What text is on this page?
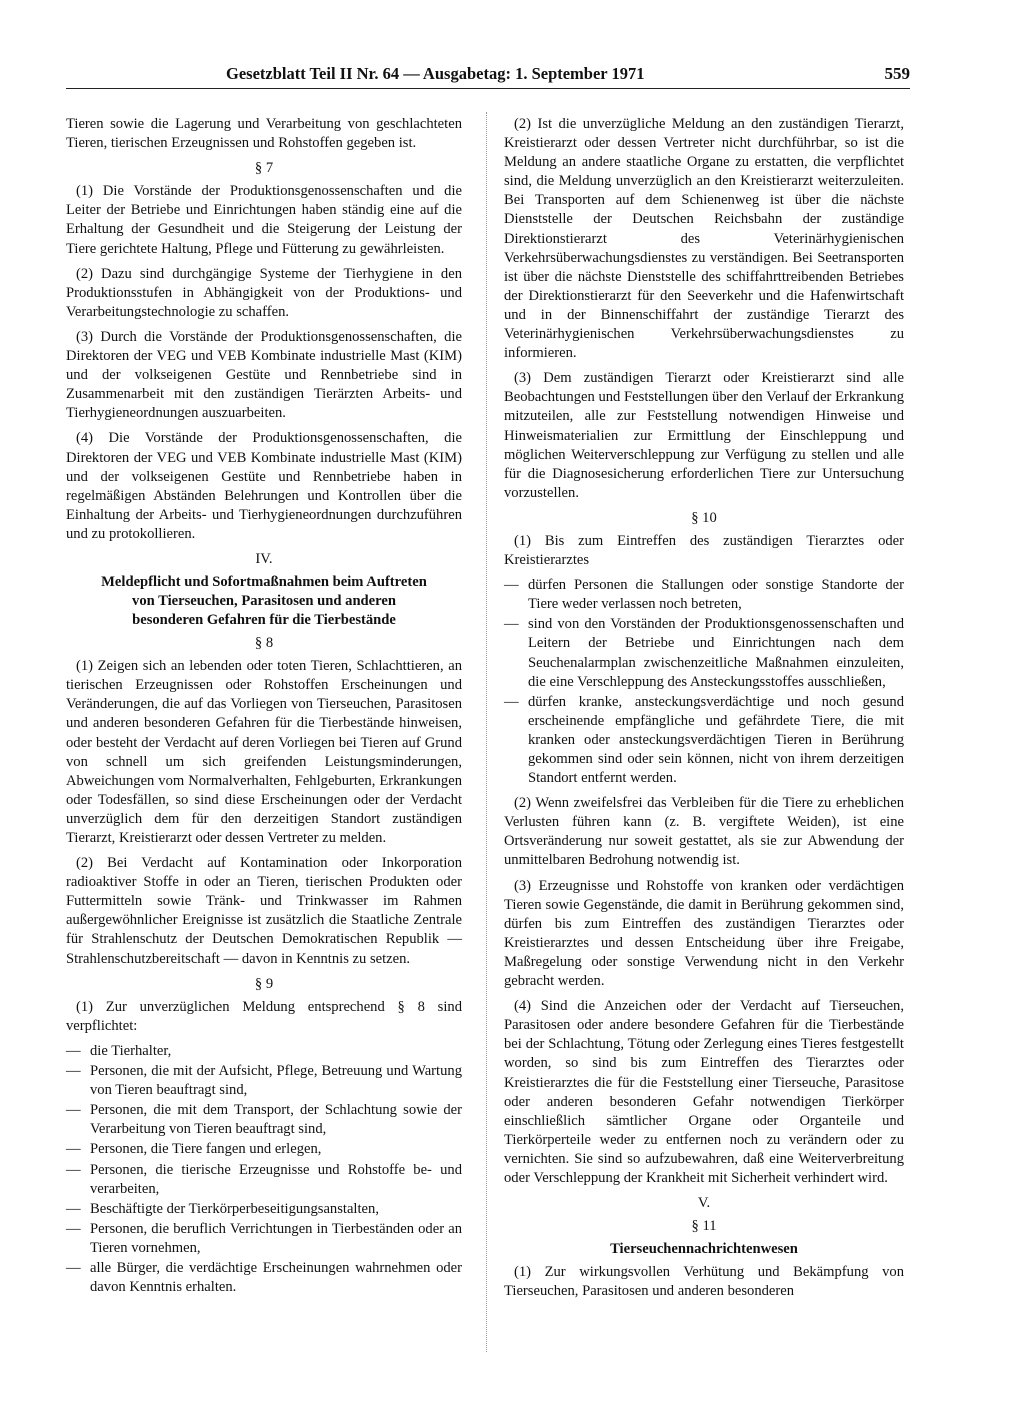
Gesetzblatt Teil II Nr. 64 — Ausgabetag: 1. September 1971	559

Tieren sowie die Lagerung und Verarbeitung von geschlachteten Tieren, tierischen Erzeugnissen und Rohstoffen gegeben ist.

§ 7

(1) Die Vorstände der Produktionsgenossenschaften und die Leiter der Betriebe und Einrichtungen haben ständig eine auf die Erhaltung der Gesundheit und die Steigerung der Leistung der Tiere gerichtete Haltung, Pflege und Fütterung zu gewährleisten.

(2) Dazu sind durchgängige Systeme der Tierhygiene in den Produktionsstufen in Abhängigkeit von der Produktions- und Verarbeitungstechnologie zu schaffen.

(3) Durch die Vorstände der Produktionsgenossenschaften, die Direktoren der VEG und VEB Kombinate industrielle Mast (KIM) und der volkseigenen Gestüte und Rennbetriebe sind in Zusammenarbeit mit den zuständigen Tierärzten Arbeits- und Tierhygieneordnungen auszuarbeiten.

(4) Die Vorstände der Produktionsgenossenschaften, die Direktoren der VEG und VEB Kombinate industrielle Mast (KIM) und der volkseigenen Gestüte und Rennbetriebe haben in regelmäßigen Abständen Belehrungen und Kontrollen über die Einhaltung der Arbeits- und Tierhygieneordnungen durchzuführen und zu protokollieren.

IV.
Meldepflicht und Sofortmaßnahmen beim Auftreten
von Tierseuchen, Parasitosen und anderen
besonderen Gefahren für die Tierbestände
§ 8

(1) Zeigen sich an lebenden oder toten Tieren, Schlachttieren, an tierischen Erzeugnissen oder Rohstoffen Erscheinungen und Veränderungen, die auf das Vorliegen von Tierseuchen, Parasitosen und anderen besonderen Gefahren für die Tierbestände hinweisen, oder besteht der Verdacht auf deren Vorliegen bei Tieren auf Grund von schnell um sich greifenden Leistungsminderungen, Abweichungen vom Normalverhalten, Fehlgeburten, Erkrankungen oder Todesfällen, so sind diese Erscheinungen oder der Verdacht unverzüglich dem für den derzeitigen Standort zuständigen Tierarzt, Kreistierarzt oder dessen Vertreter zu melden.

(2) Bei Verdacht auf Kontamination oder Inkorporation radioaktiver Stoffe in oder an Tieren, tierischen Produkten oder Futtermitteln sowie Tränk- und Trinkwasser im Rahmen außergewöhnlicher Ereignisse ist zusätzlich die Staatliche Zentrale für Strahlenschutz der Deutschen Demokratischen Republik — Strahlenschutzbereitschaft — davon in Kenntnis zu setzen.

§ 9

(1) Zur unverzüglichen Meldung entsprechend § 8 sind verpflichtet:

— die Tierhalter,
— Personen, die mit der Aufsicht, Pflege, Betreuung und Wartung von Tieren beauftragt sind,
— Personen, die mit dem Transport, der Schlachtung sowie der Verarbeitung von Tieren beauftragt sind,
— Personen, die Tiere fangen und erlegen,
— Personen, die tierische Erzeugnisse und Rohstoffe be- und verarbeiten,
— Beschäftigte der Tierkörperbeseitigungsanstalten,
— Personen, die beruflich Verrichtungen in Tierbeständen oder an Tieren vornehmen,
— alle Bürger, die verdächtige Erscheinungen wahrnehmen oder davon Kenntnis erhalten.

(2) Ist die unverzügliche Meldung an den zuständigen Tierarzt, Kreistierarzt oder dessen Vertreter nicht durchführbar, so ist die Meldung an andere staatliche Organe zu erstatten, die verpflichtet sind, die Meldung unverzüglich an den Kreistierarzt weiterzuleiten. Bei Transporten auf dem Schienenweg ist über die nächste Dienststelle der Deutschen Reichsbahn der zuständige Direktionstierarzt des Veterinärhygienischen Verkehrsüberwachungsdienstes zu verständigen. Bei Seetransporten ist über die nächste Dienststelle des schiffahrttreibenden Betriebes der Direktionstierarzt für den Seeverkehr und die Hafenwirtschaft und in der Binnenschiffahrt der zuständige Tierarzt des Veterinärhygienischen Verkehrsüberwachungsdienstes zu informieren.

(3) Dem zuständigen Tierarzt oder Kreistierarzt sind alle Beobachtungen und Feststellungen über den Verlauf der Erkrankung mitzuteilen, alle zur Feststellung notwendigen Hinweise und Hinweismaterialien zur Ermittlung der Einschleppung und möglichen Weiterverschleppung zur Verfügung zu stellen und alle für die Diagnosesicherung erforderlichen Tiere zur Untersuchung vorzustellen.

§ 10

(1) Bis zum Eintreffen des zuständigen Tierarztes oder Kreistierarztes

— dürfen Personen die Stallungen oder sonstige Standorte der Tiere weder verlassen noch betreten,
— sind von den Vorständen der Produktionsgenossenschaften und Leitern der Betriebe und Einrichtungen nach dem Seuchenalarmplan zwischenzeitliche Maßnahmen einzuleiten, die eine Verschleppung des Ansteckungsstoffes ausschließen,
— dürfen kranke, ansteckungsverdächtige und noch gesund erscheinende empfängliche und gefährdete Tiere, die mit kranken oder ansteckungsverdächtigen Tieren in Berührung gekommen sind oder sein können, nicht von ihrem derzeitigen Standort entfernt werden.

(2) Wenn zweifelsfrei das Verbleiben für die Tiere zu erheblichen Verlusten führen kann (z. B. vergiftete Weiden), ist eine Ortsveränderung nur soweit gestattet, als sie zur Abwendung der unmittelbaren Bedrohung notwendig ist.

(3) Erzeugnisse und Rohstoffe von kranken oder verdächtigen Tieren sowie Gegenstände, die damit in Berührung gekommen sind, dürfen bis zum Eintreffen des zuständigen Tierarztes oder Kreistierarztes und dessen Entscheidung über ihre Freigabe, Maßregelung oder sonstige Verwendung nicht in den Verkehr gebracht werden.

(4) Sind die Anzeichen oder der Verdacht auf Tierseuchen, Parasitosen oder andere besondere Gefahren für die Tierbestände bei der Schlachtung, Tötung oder Zerlegung eines Tieres festgestellt worden, so sind bis zum Eintreffen des Tierarztes oder Kreistierarztes die für die Feststellung einer Tierseuche, Parasitose oder anderen besonderen Gefahr notwendigen Tierkörper einschließlich sämtlicher Organe oder Organteile und Tierkörperteile weder zu entfernen noch zu verändern oder zu vernichten. Sie sind so aufzubewahren, daß eine Weiterverbreitung oder Verschleppung der Krankheit mit Sicherheit verhindert wird.

V.
§ 11
Tierseuchennachrichtenwesen

(1) Zur wirkungsvollen Verhütung und Bekämpfung von Tierseuchen, Parasitosen und anderen besonderen
